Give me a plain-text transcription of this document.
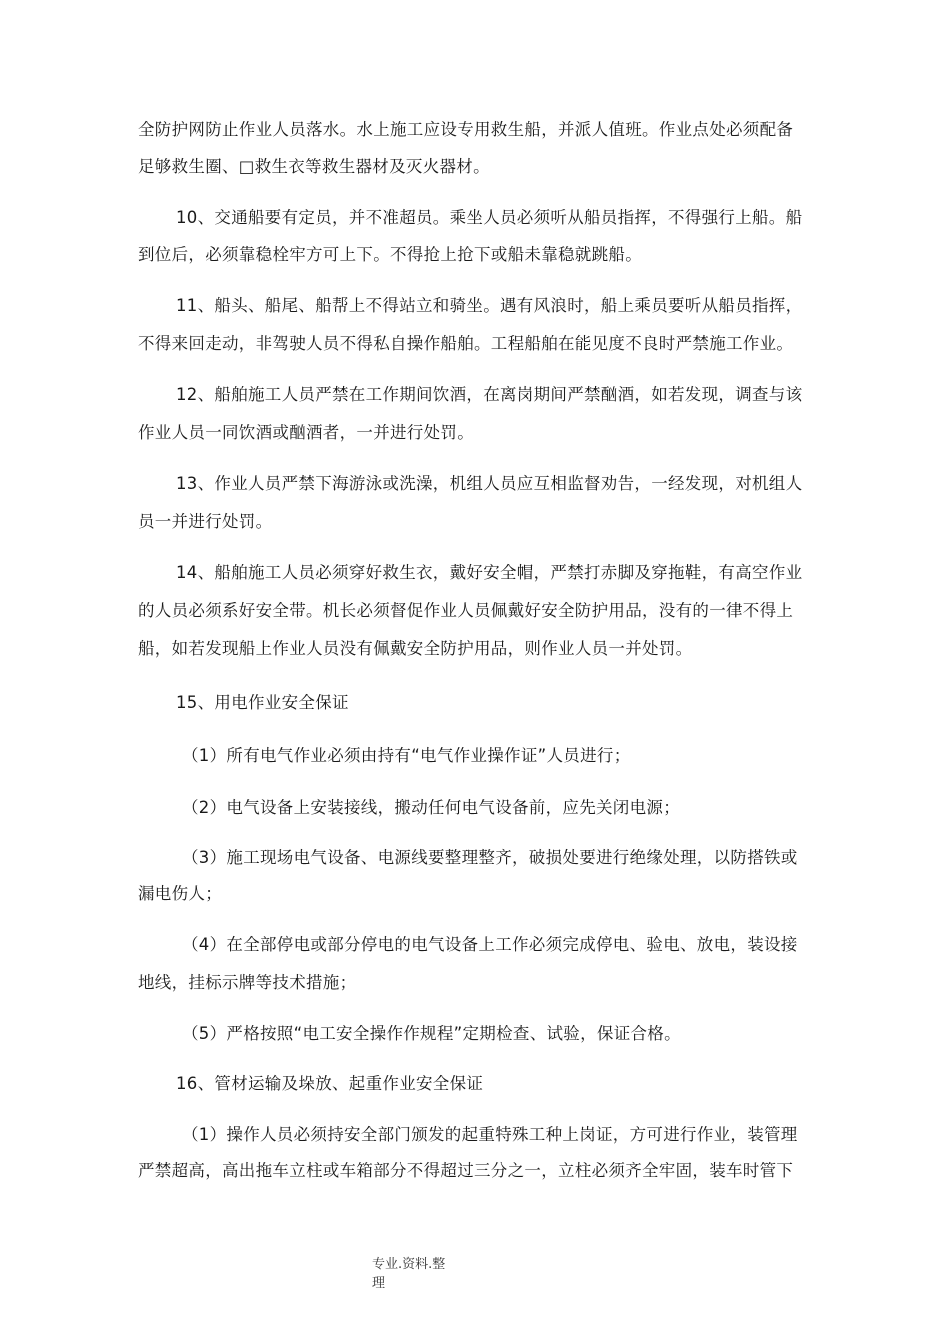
全防护网防止作业人员落水。水上施工应设专用救生船，并派人值班。作业点处必须配备
足够救生圈、□救生衣等救生器材及灭火器材。
10、交通船要有定员，并不准超员。乘坐人员必须听从船员指挥，不得强行上船。船
到位后，必须靠稳栓牢方可上下。不得抢上抢下或船未靠稳就跳船。
11、船头、船尾、船帮上不得站立和骑坐。遇有风浪时，船上乘员要听从船员指挥，
不得来回走动，非驾驶人员不得私自操作船舶。工程船舶在能见度不良时严禁施工作业。
12、船舶施工人员严禁在工作期间饮酒，在离岗期间严禁酗酒，如若发现，调查与该
作业人员一同饮酒或酗酒者，一并进行处罚。
13、作业人员严禁下海游泳或洗澡，机组人员应互相监督劝告，一经发现，对机组人
员一并进行处罚。
14、船舶施工人员必须穿好救生衣，戴好安全帽，严禁打赤脚及穿拖鞋，有高空作业
的人员必须系好安全带。机长必须督促作业人员佩戴好安全防护用品，没有的一律不得上
船，如若发现船上作业人员没有佩戴安全防护用品，则作业人员一并处罚。
15、用电作业安全保证
（1）所有电气作业必须由持有“电气作业操作证”人员进行；
（2）电气设备上安装接线，搬动任何电气设备前，应先关闭电源；
（3）施工现场电气设备、电源线要整理整齐，破损处要进行绝缘处理，以防搭铁或
漏电伤人；
（4）在全部停电或部分停电的电气设备上工作必须完成停电、验电、放电，装设接
地线，挂标示牌等技术措施；
（5）严格按照“电工安全操作作规程”定期检查、试验，保证合格。
16、管材运输及垛放、起重作业安全保证
（1）操作人员必须持安全部门颁发的起重特殊工种上岗证，方可进行作业，装管理
严禁超高，高出拖车立柱或车箱部分不得超过三分之一，立柱必须齐全牢固，装车时管下
专业.资料.整
理
